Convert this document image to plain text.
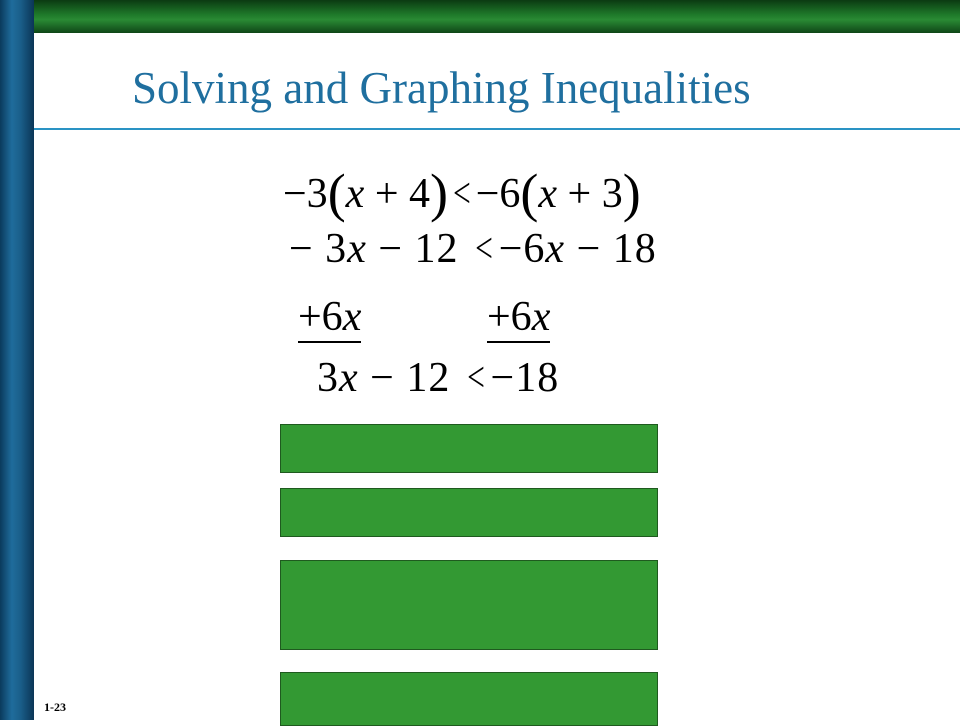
Solving and Graphing Inequalities
−3(x + 4) < −6(x + 3)
− 3x − 12 < −6x − 18
+6x	+6x
3x − 12 < −18
1-23
